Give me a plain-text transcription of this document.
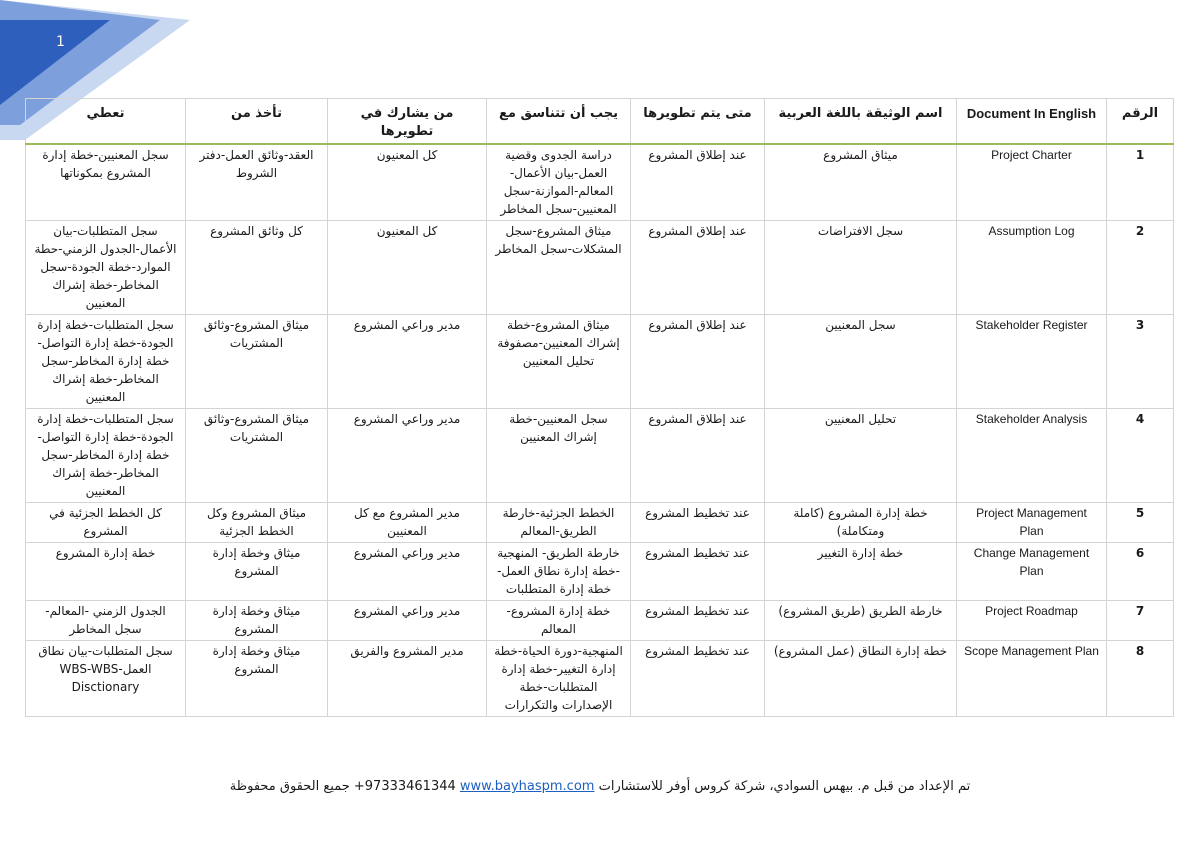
1
الرقم	Document In English	اسم الوثيقة باللغة العربية	متى يتم تطويرها	يجب أن تتناسق مع	من يشارك في تطويرها	تأخذ من	تعطي
1	Project Charter	ميثاق المشروع	عند إطلاق المشروع	دراسة الجدوى وقضية العمل-بيان الأعمال-المعالم-الموازنة-سجل المعنيين-سجل المخاطر	كل المعنيون	العقد-وثائق العمل-دفتر الشروط	سجل المعنيين-خطة إدارة المشروع بمكوناتها
2	Assumption Log	سجل الافتراضات	عند إطلاق المشروع	ميثاق المشروع-سجل المشكلات-سجل المخاطر	كل المعنيون	كل وثائق المشروع	سجل المتطلبات-بيان الأعمال-الجدول الزمني-حطة الموارد-خطة الجودة-سجل المخاطر-خطة إشراك المعنيين
3	Stakeholder Register	سجل المعنيين	عند إطلاق المشروع	ميثاق المشروع-خطة إشراك المعنيين-مصفوفة تحليل المعنيين	مدير وراعي المشروع	ميثاق المشروع-وثائق المشتريات	سجل المتطلبات-خطة إدارة الجودة-خطة إدارة التواصل-خطة إدارة المخاطر-سجل المخاطر-خطة إشراك المعنيين
4	Stakeholder Analysis	تحليل المعنيين	عند إطلاق المشروع	سجل المعنيين-خطة إشراك المعنيين	مدير وراعي المشروع	ميثاق المشروع-وثائق المشتريات	سجل المتطلبات-خطة إدارة الجودة-خطة إدارة التواصل-خطة إدارة المخاطر-سجل المخاطر-خطة إشراك المعنيين
5	Project Management Plan	خطة إدارة المشروع (كاملة ومتكاملة)	عند تخطيط المشروع	الخطط الجزئية-خارطة الطريق-المعالم	مدير المشروع مع كل المعنيين	ميثاق المشروع وكل الخطط الجزئية	كل الخطط الجزئية في المشروع
6	Change Management Plan	خطة إدارة التغيير	عند تخطيط المشروع	خارطة الطريق- المنهجية -خطة إدارة نطاق العمل-خطة إدارة المتطلبات	مدير وراعي المشروع	ميثاق وخطة إدارة المشروع	خطة إدارة المشروع
7	Project Roadmap	خارطة الطريق (طريق المشروع)	عند تخطيط المشروع	خطة إدارة المشروع-المعالم	مدير وراعي المشروع	ميثاق وخطة إدارة المشروع	الجدول الزمني -المعالم-سجل المخاطر
8	Scope Management Plan	خطة إدارة النطاق (عمل المشروع)	عند تخطيط المشروع	المنهجية-دورة الحياة-خطة إدارة التغيير-خطة إدارة المتطلبات-خطة الإصدارات والتكرارات	مدير المشروع والفريق	ميثاق وخطة إدارة المشروع	سجل المتطلبات-بيان نطاق العمل-WBS-WBS Disctionary
تم الإعداد من قبل م. بيهس السوادي، شركة كروس أوفر للاستشارات +97333461344 www.bayhaspm.com جميع الحقوق محفوظة
